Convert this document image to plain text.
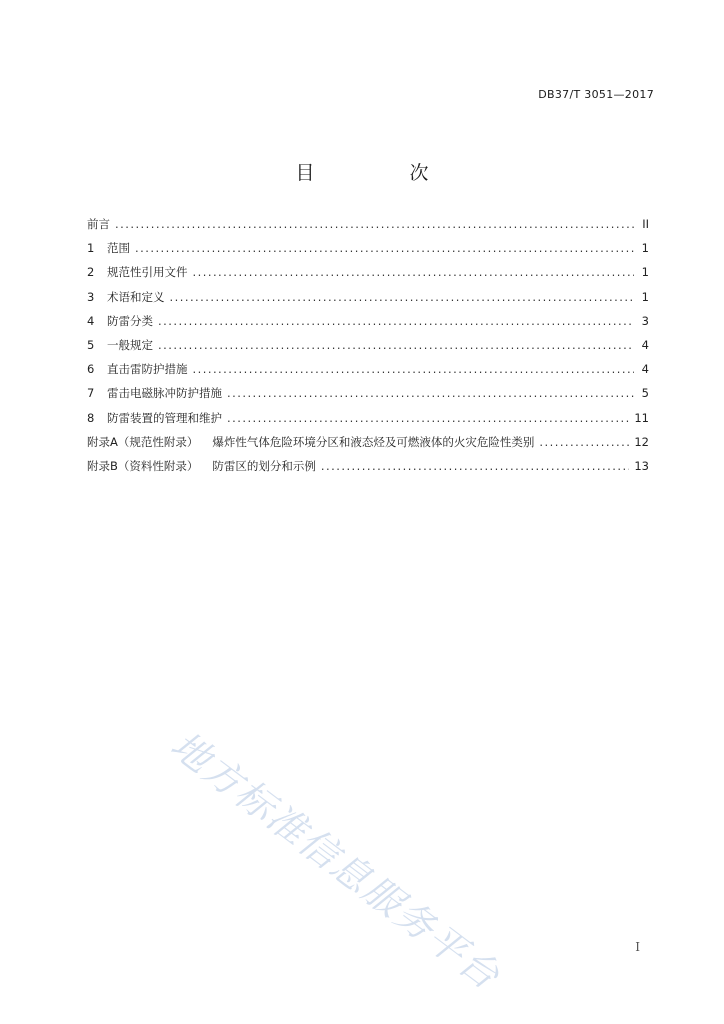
DB37/T 3051—2017
目　次
前言 . . .	II
1	范围 . . .	1
2	规范性引用文件 . . .	1
3	术语和定义 . . .	1
4	防雷分类 . . .	3
5	一般规定 . . .	4
6	直击雷防护措施 . . .	4
7	雷击电磁脉冲防护措施 . . .	5
8	防雷装置的管理和维护 . . .	11
附录A（规范性附录） 爆炸性气体危险环境分区和液态烃及可燃液体的火灾危险性类别 . . .	12
附录B（资料性附录） 防雷区的划分和示例 . . .	13
地方标准信息服务平台	I
